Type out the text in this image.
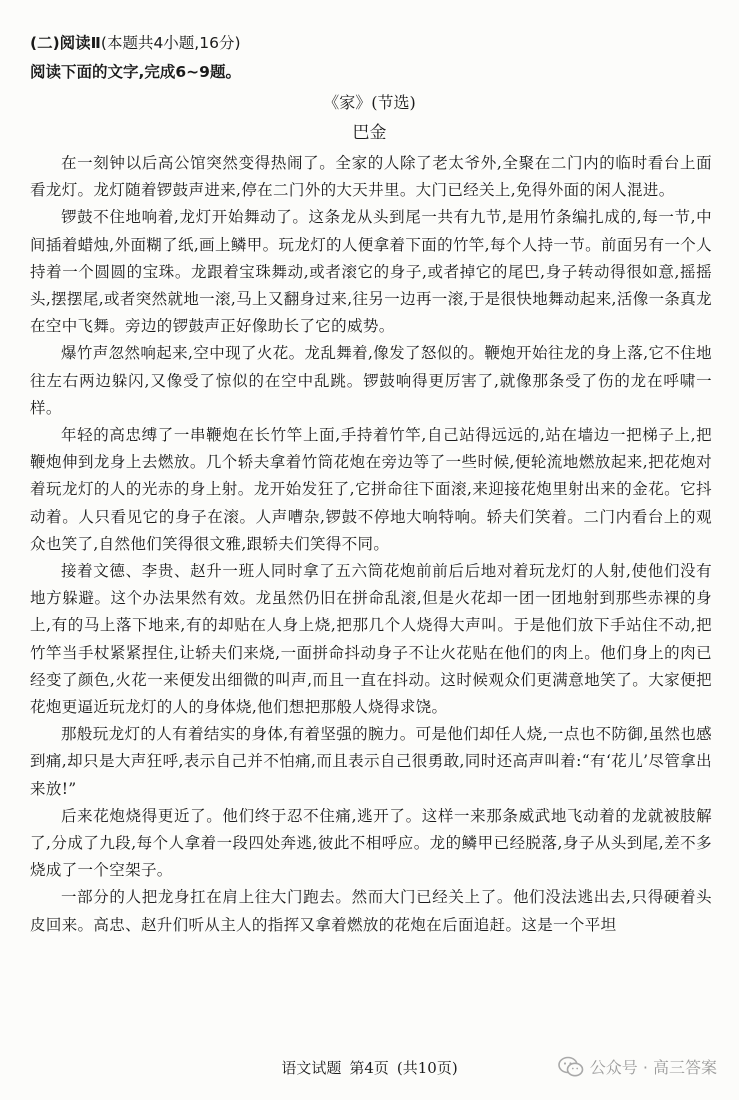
(二)阅读Ⅱ(本题共4小题,16分)
阅读下面的文字,完成6~9题。
《家》(节选)
巴金

在一刻钟以后高公馆突然变得热闹了。全家的人除了老太爷外,全聚在二门内的临时看台上面看龙灯。龙灯随着锣鼓声进来,停在二门外的大天井里。大门已经关上,免得外面的闲人混进。

锣鼓不住地响着,龙灯开始舞动了。这条龙从头到尾一共有九节,是用竹条编扎成的,每一节,中间插着蜡烛,外面糊了纸,画上鳞甲。玩龙灯的人便拿着下面的竹竿,每个人持一节。前面另有一个人持着一个圆圆的宝珠。龙跟着宝珠舞动,或者滚它的身子,或者掉它的尾巴,身子转动得很如意,摇摇头,摆摆尾,或者突然就地一滚,马上又翻身过来,往另一边再一滚,于是很快地舞动起来,活像一条真龙在空中飞舞。旁边的锣鼓声正好像助长了它的威势。

爆竹声忽然响起来,空中现了火花。龙乱舞着,像发了怒似的。鞭炮开始往龙的身上落,它不住地往左右两边躲闪,又像受了惊似的在空中乱跳。锣鼓响得更厉害了,就像那条受了伤的龙在呼啸一样。

年轻的高忠缚了一串鞭炮在长竹竿上面,手持着竹竿,自己站得远远的,站在墙边一把梯子上,把鞭炮伸到龙身上去燃放。几个轿夫拿着竹筒花炮在旁边等了一些时候,便轮流地燃放起来,把花炮对着玩龙灯的人的光赤的身上射。龙开始发狂了,它拼命往下面滚,来迎接花炮里射出来的金花。它抖动着。人只看见它的身子在滚。人声嘈杂,锣鼓不停地大响特响。轿夫们笑着。二门内看台上的观众也笑了,自然他们笑得很文雅,跟轿夫们笑得不同。

接着文德、李贵、赵升一班人同时拿了五六筒花炮前前后后地对着玩龙灯的人射,使他们没有地方躲避。这个办法果然有效。龙虽然仍旧在拼命乱滚,但是火花却一团一团地射到那些赤裸的身上,有的马上落下地来,有的却贴在人身上烧,把那几个人烧得大声叫。于是他们放下手站住不动,把竹竿当手杖紧紧捏住,让轿夫们来烧,一面拼命抖动身子不让火花贴在他们的肉上。他们身上的肉已经变了颜色,火花一来便发出细微的叫声,而且一直在抖动。这时候观众们更满意地笑了。大家便把花炮更逼近玩龙灯的人的身体烧,他们想把那般人烧得求饶。

那般玩龙灯的人有着结实的身体,有着坚强的腕力。可是他们却任人烧,一点也不防御,虽然也感到痛,却只是大声狂呼,表示自己并不怕痛,而且表示自己很勇敢,同时还高声叫着:“有‘花儿’尽管拿出来放!”

后来花炮烧得更近了。他们终于忍不住痛,逃开了。这样一来那条威武地飞动着的龙就被肢解了,分成了九段,每个人拿着一段四处奔逃,彼此不相呼应。龙的鳞甲已经脱落,身子从头到尾,差不多烧成了一个空架子。

一部分的人把龙身扛在肩上往大门跑去。然而大门已经关上了。他们没法逃出去,只得硬着头皮回来。高忠、赵升们听从主人的指挥又拿着燃放的花炮在后面追赶。这是一个平坦

语文试题 第4页 (共10页)	公众号 · 高三答案
